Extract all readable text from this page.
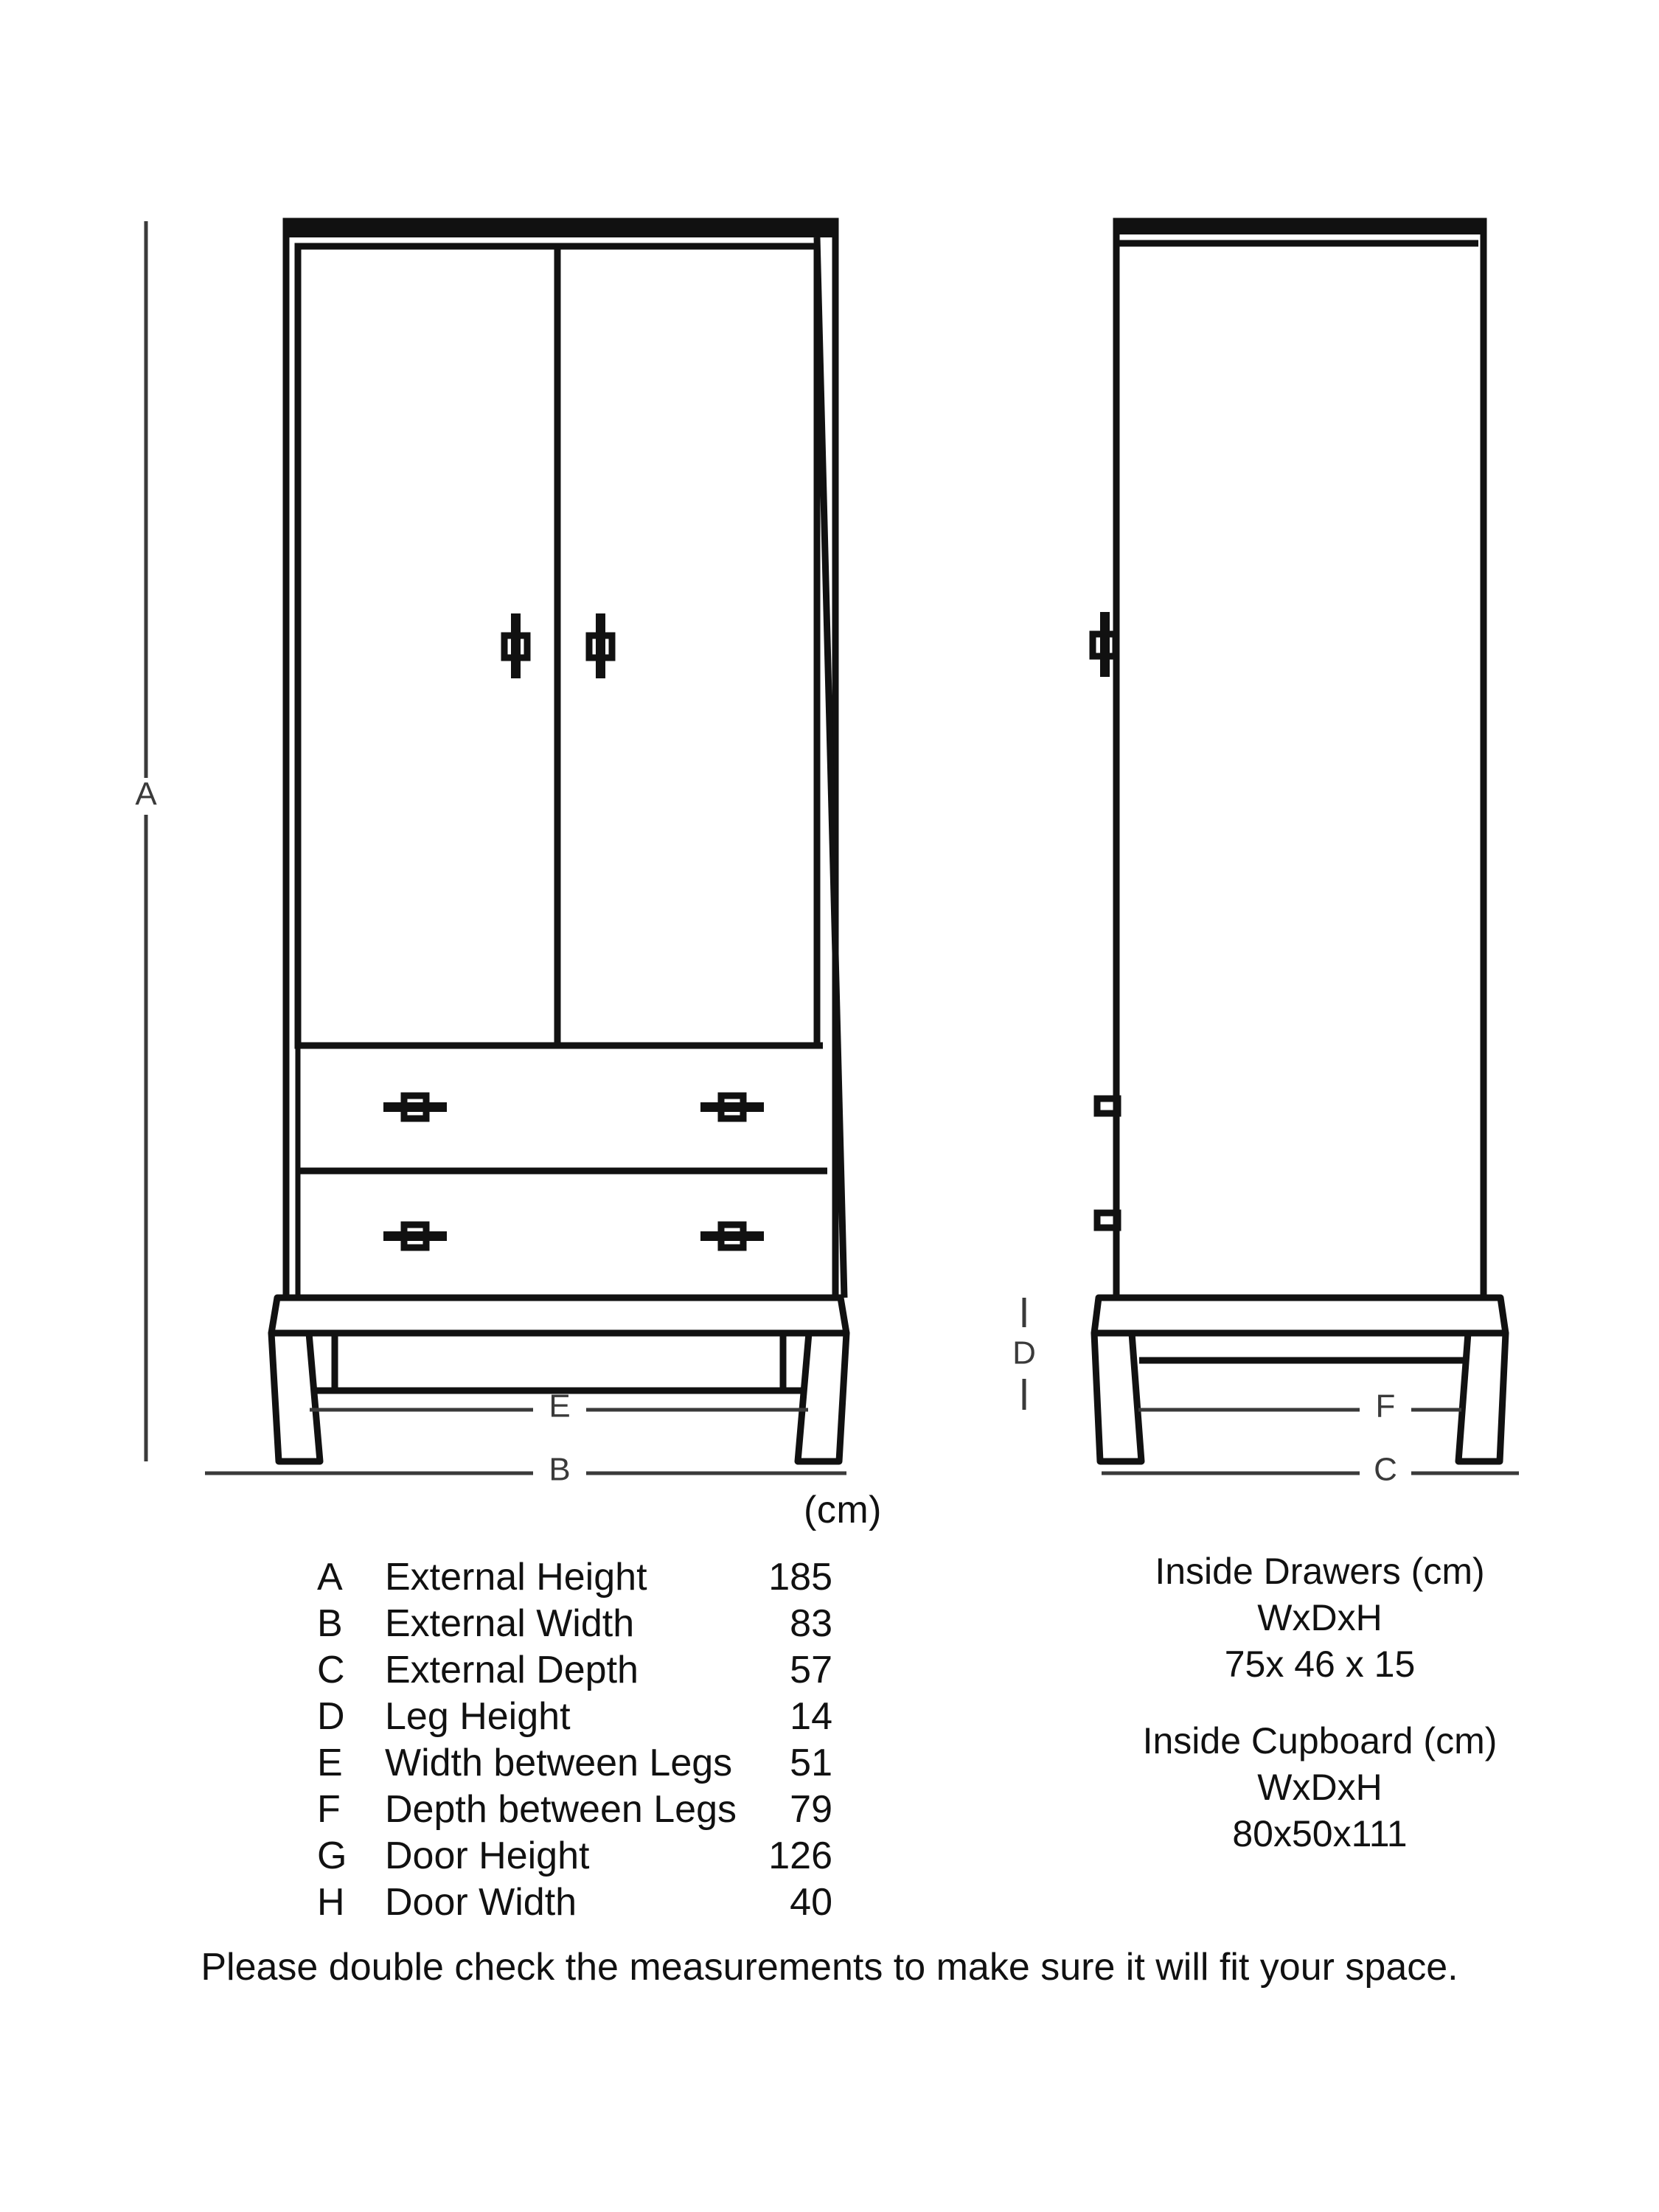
A
E
B
D
F
C
(cm)
A	External Height	185
B	External Width	83
C	External Depth	57
D	Leg Height	14
E	Width between Legs	51
F	Depth between Legs	79
G	Door Height	126
H	Door Width	40
Inside Drawers (cm)
WxDxH
75x 46 x 15
Inside Cupboard (cm)
WxDxH
80x50x111
Please double check the measurements to make sure it will fit your space.
